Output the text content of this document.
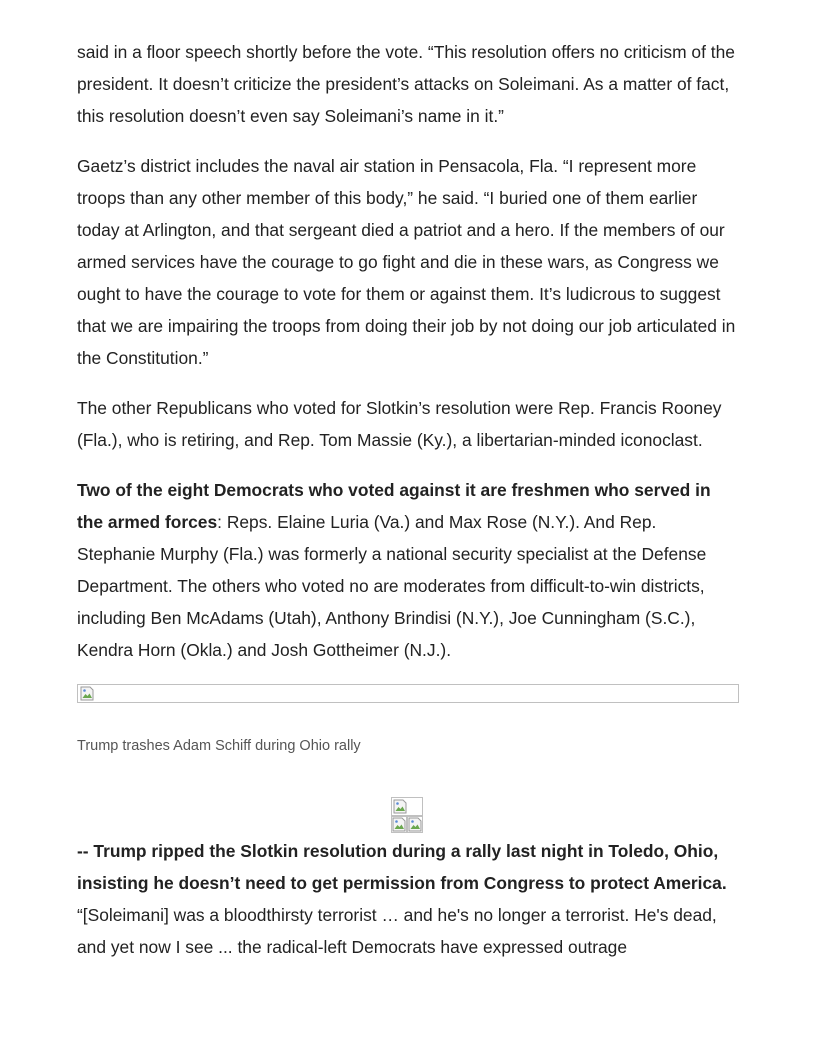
said in a floor speech shortly before the vote. “This resolution offers no criticism of the president. It doesn’t criticize the president’s attacks on Soleimani. As a matter of fact, this resolution doesn’t even say Soleimani’s name in it.”

Gaetz’s district includes the naval air station in Pensacola, Fla. “I represent more troops than any other member of this body,” he said. “I buried one of them earlier today at Arlington, and that sergeant died a patriot and a hero. If the members of our armed services have the courage to go fight and die in these wars, as Congress we ought to have the courage to vote for them or against them. It’s ludicrous to suggest that we are impairing the troops from doing their job by not doing our job articulated in the Constitution.”

The other Republicans who voted for Slotkin’s resolution were Rep. Francis Rooney (Fla.), who is retiring, and Rep. Tom Massie (Ky.), a libertarian-minded iconoclast.

Two of the eight Democrats who voted against it are freshmen who served in the armed forces: Reps. Elaine Luria (Va.) and Max Rose (N.Y.). And Rep. Stephanie Murphy (Fla.) was formerly a national security specialist at the Defense Department. The others who voted no are moderates from difficult-to-win districts, including Ben McAdams (Utah), Anthony Brindisi (N.Y.), Joe Cunningham (S.C.), Kendra Horn (Okla.) and Josh Gottheimer (N.J.).

Trump trashes Adam Schiff during Ohio rally

-- Trump ripped the Slotkin resolution during a rally last night in Toledo, Ohio, insisting he doesn’t need to get permission from Congress to protect America. “[Soleimani] was a bloodthirsty terrorist … and he's no longer a terrorist. He's dead, and yet now I see ... the radical-left Democrats have expressed outrage
